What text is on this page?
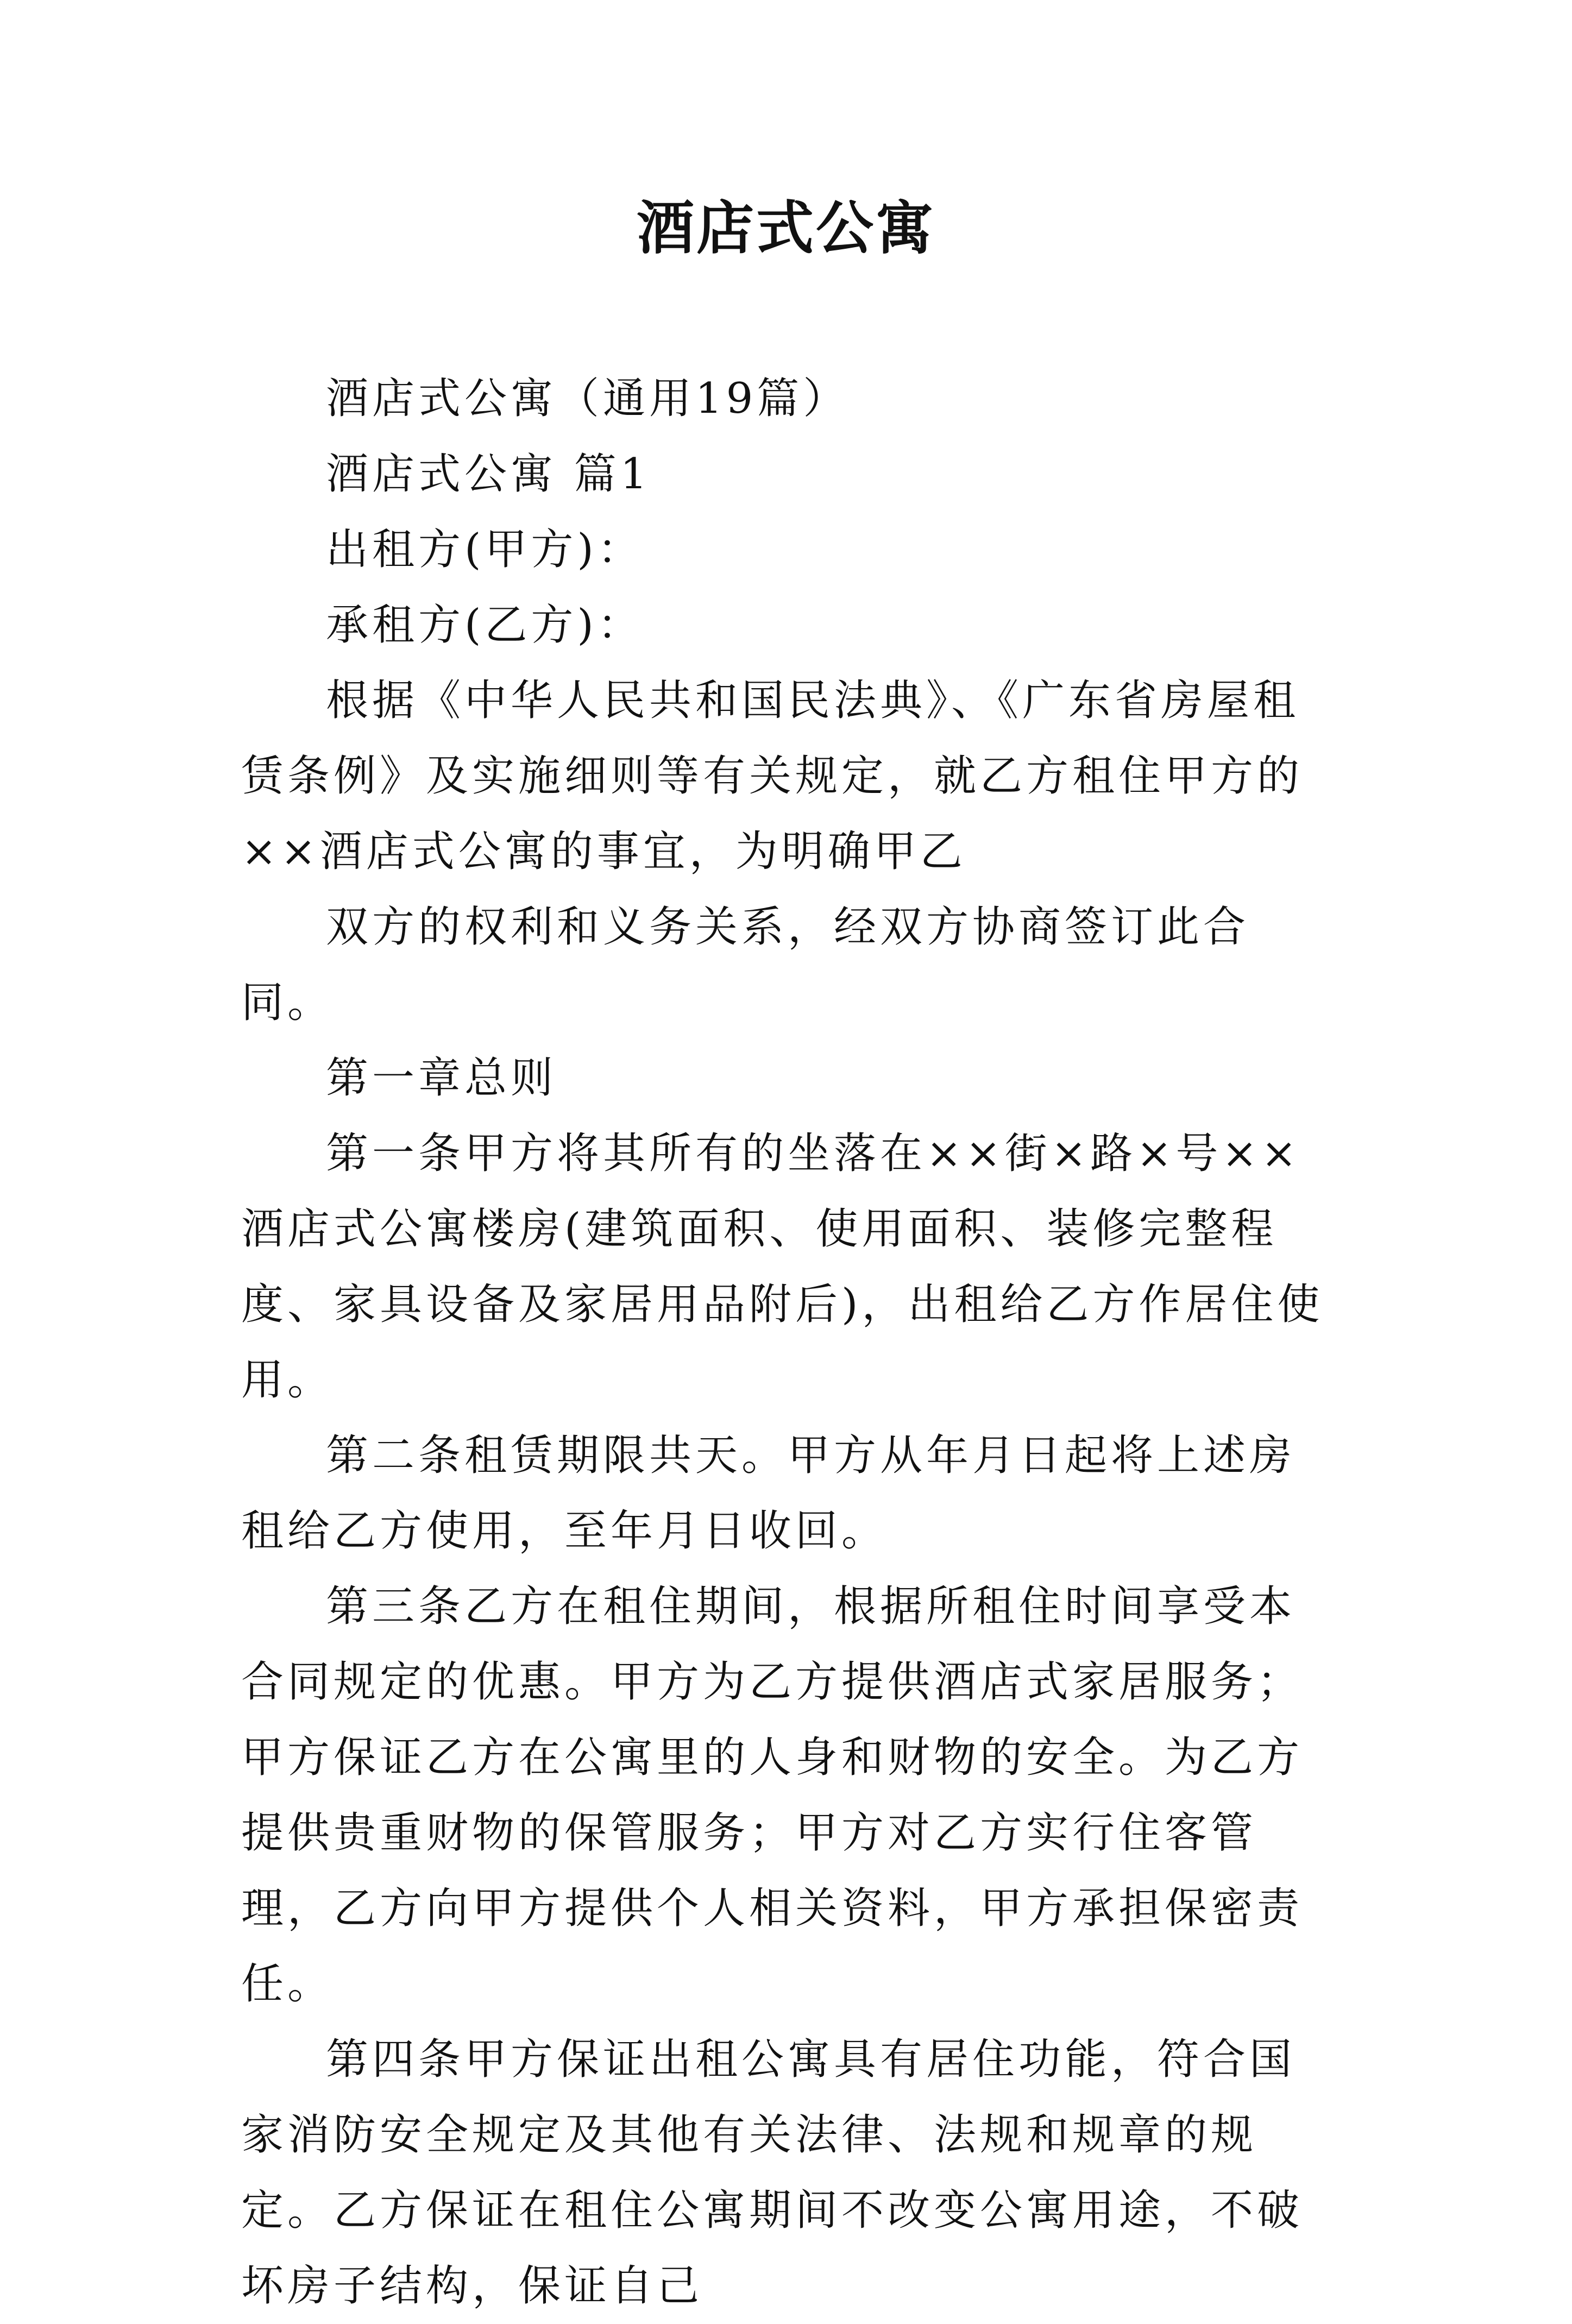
酒店式公寓

酒店式公寓（通用19篇）

酒店式公寓 篇1

出租方(甲方)：

承租方(乙方)：

根据《中华人民共和国民法典》、《广东省房屋租赁条例》及实施细则等有关规定，就乙方租住甲方的××酒店式公寓的事宜，为明确甲乙

双方的权利和义务关系，经双方协商签订此合同。

第一章总则

第一条甲方将其所有的坐落在××街×路×号××酒店式公寓楼房(建筑面积、使用面积、装修完整程度、家具设备及家居用品附后)，出租给乙方作居住使用。

第二条租赁期限共天。甲方从年月日起将上述房租给乙方使用，至年月日收回。

第三条乙方在租住期间，根据所租住时间享受本合同规定的优惠。甲方为乙方提供酒店式家居服务；甲方保证乙方在公寓里的人身和财物的安全。为乙方提供贵重财物的保管服务；甲方对乙方实行住客管理，乙方向甲方提供个人相关资料，甲方承担保密责任。

第四条甲方保证出租公寓具有居住功能，符合国家消防安全规定及其他有关法律、法规和规章的规定。乙方保证在租住公寓期间不改变公寓用途，不破坏房子结构，保证自己
